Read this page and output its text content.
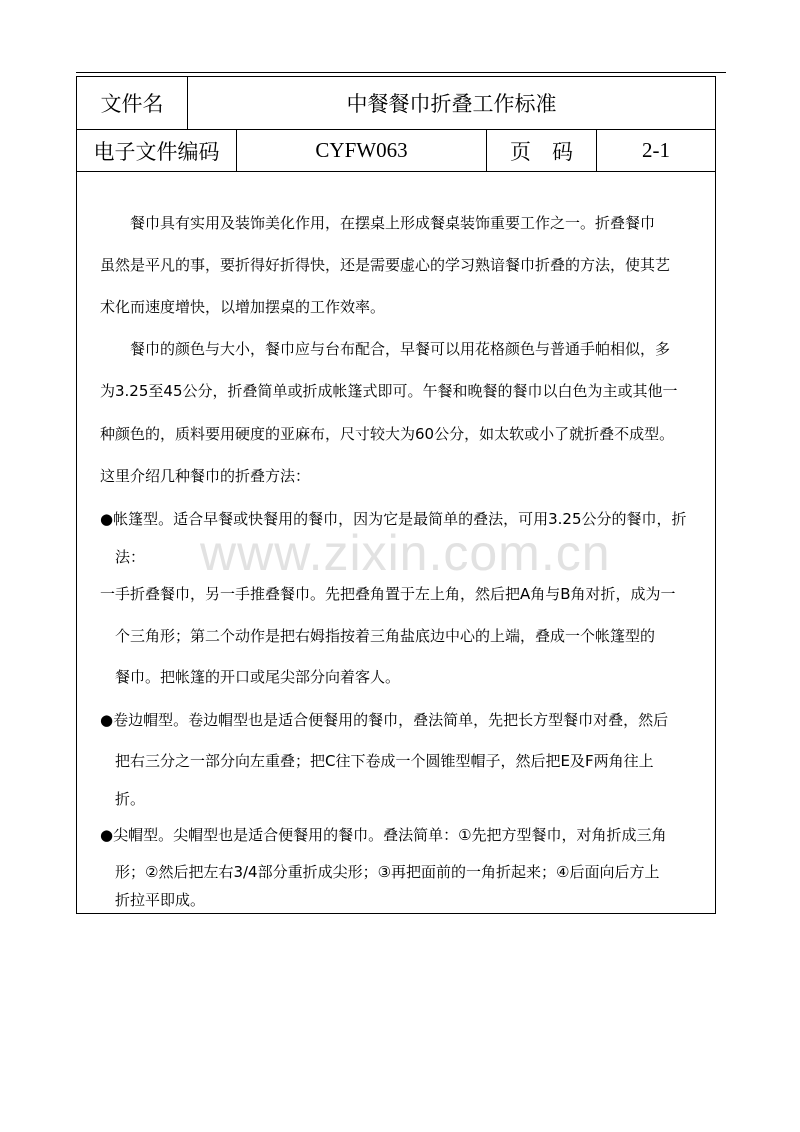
文件名	中餐餐巾折叠工作标准
电子文件编码	CYFW063	页　码	2-1
餐巾具有实用及装饰美化作用，在摆桌上形成餐桌装饰重要工作之一。折叠餐巾
虽然是平凡的事，要折得好折得快，还是需要虚心的学习熟谙餐巾折叠的方法，使其艺
术化而速度增快，以增加摆桌的工作效率。
餐巾的颜色与大小，餐巾应与台布配合，早餐可以用花格颜色与普通手帕相似，多
为3.25至45公分，折叠简单或折成帐篷式即可。午餐和晚餐的餐巾以白色为主或其他一
种颜色的，质料要用硬度的亚麻布，尺寸较大为60公分，如太软或小了就折叠不成型。
这里介绍几种餐巾的折叠方法：
●帐篷型。适合早餐或快餐用的餐巾，因为它是最简单的叠法，可用3.25公分的餐巾，折
法：
一手折叠餐巾，另一手推叠餐巾。先把叠角置于左上角，然后把A角与B角对折，成为一
个三角形；第二个动作是把右姆指按着三角盐底边中心的上端，叠成一个帐篷型的
餐巾。把帐篷的开口或尾尖部分向着客人。
●卷边帽型。卷边帽型也是适合便餐用的餐巾，叠法简单，先把长方型餐巾对叠，然后
把右三分之一部分向左重叠；把C往下卷成一个圆锥型帽子，然后把E及F两角往上
折。
●尖帽型。尖帽型也是适合便餐用的餐巾。叠法简单：①先把方型餐巾，对角折成三角
形；②然后把左右3/4部分重折成尖形；③再把面前的一角折起来；④后面向后方上
折拉平即成。
www.zixin.com.cn
